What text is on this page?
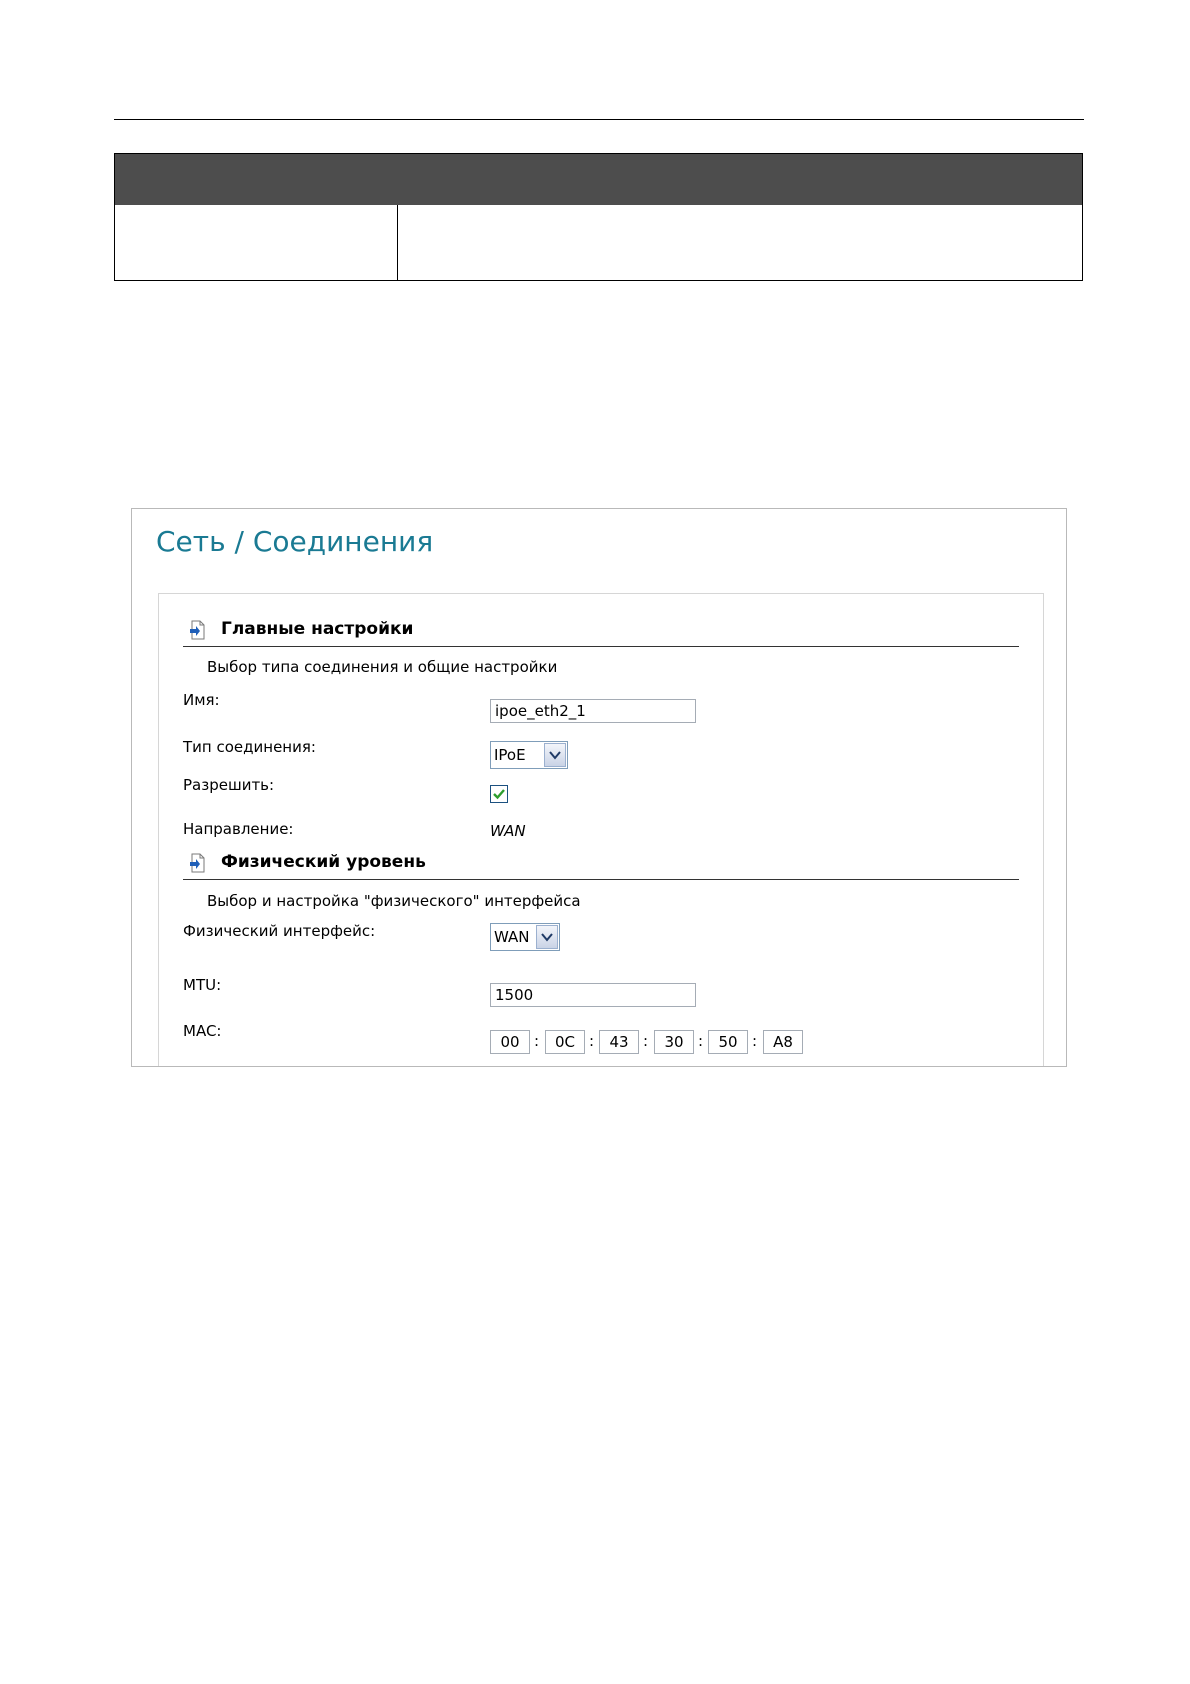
Сеть / Соединения
Главные настройки
Выбор типа соединения и общие настройки
Имя:
ipoe_eth2_1
Тип соединения:	IPoE
Разрешить:
Направление:	WAN
Физический уровень
Выбор и настройка "физического" интерфейса
Физический интерфейс:	WAN
MTU:
1500
MAC:
00
:
0C	:
43	:
30	:
50	:
A8
